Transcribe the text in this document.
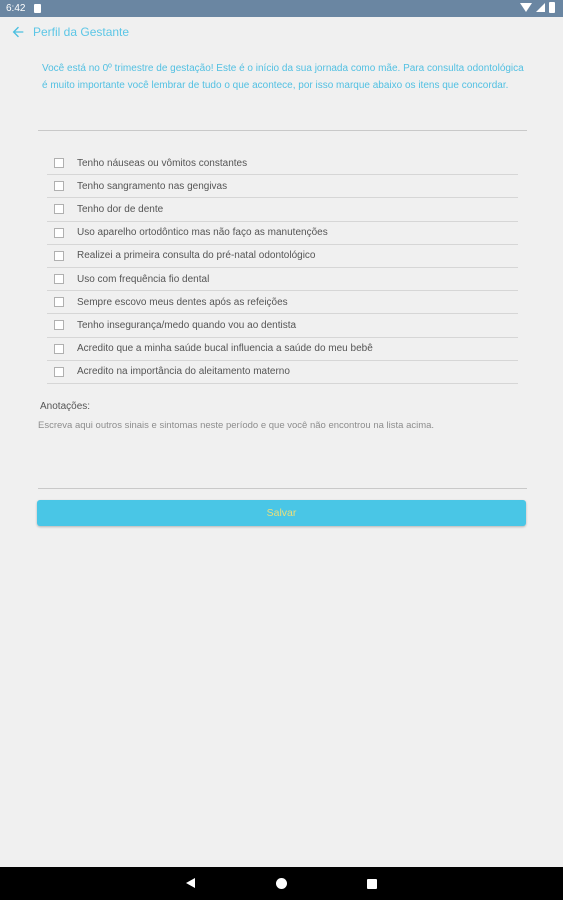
6:42
Perfil da Gestante

Você está no 0º trimestre de gestação! Este é o início da sua jornada como mãe. Para consulta odontológica é muito importante você lembrar de tudo o que acontece, por isso marque abaixo os itens que concordar.

Tenho náuseas ou vômitos constantes
Tenho sangramento nas gengivas
Tenho dor de dente
Uso aparelho ortodôntico mas não faço as manutenções
Realizei a primeira consulta do pré-natal odontológico
Uso com frequência fio dental
Sempre escovo meus dentes após as refeições
Tenho insegurança/medo quando vou ao dentista
Acredito que a minha saúde bucal influencia a saúde do meu bebê
Acredito na importância do aleitamento materno
Anotações:
Escreva aqui outros sinais e sintomas neste período e que você não encontrou na lista acima.
Salvar
